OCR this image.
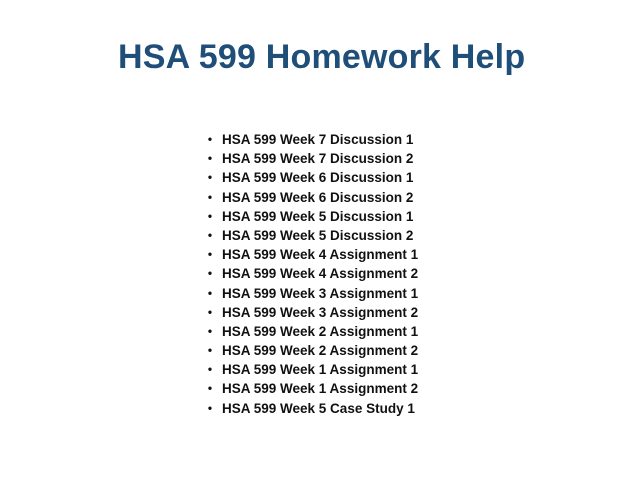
HSA 599 Homework Help
• HSA 599 Week 7 Discussion 1
• HSA 599 Week 7 Discussion 2
• HSA 599 Week 6 Discussion 1
• HSA 599 Week 6 Discussion 2
• HSA 599 Week 5 Discussion 1
• HSA 599 Week 5 Discussion 2
• HSA 599 Week 4 Assignment 1
• HSA 599 Week 4 Assignment 2
• HSA 599 Week 3 Assignment 1
• HSA 599 Week 3 Assignment 2
• HSA 599 Week 2 Assignment 1
• HSA 599 Week 2 Assignment 2
• HSA 599 Week 1 Assignment 1
• HSA 599 Week 1 Assignment 2
• HSA 599 Week 5 Case Study 1
